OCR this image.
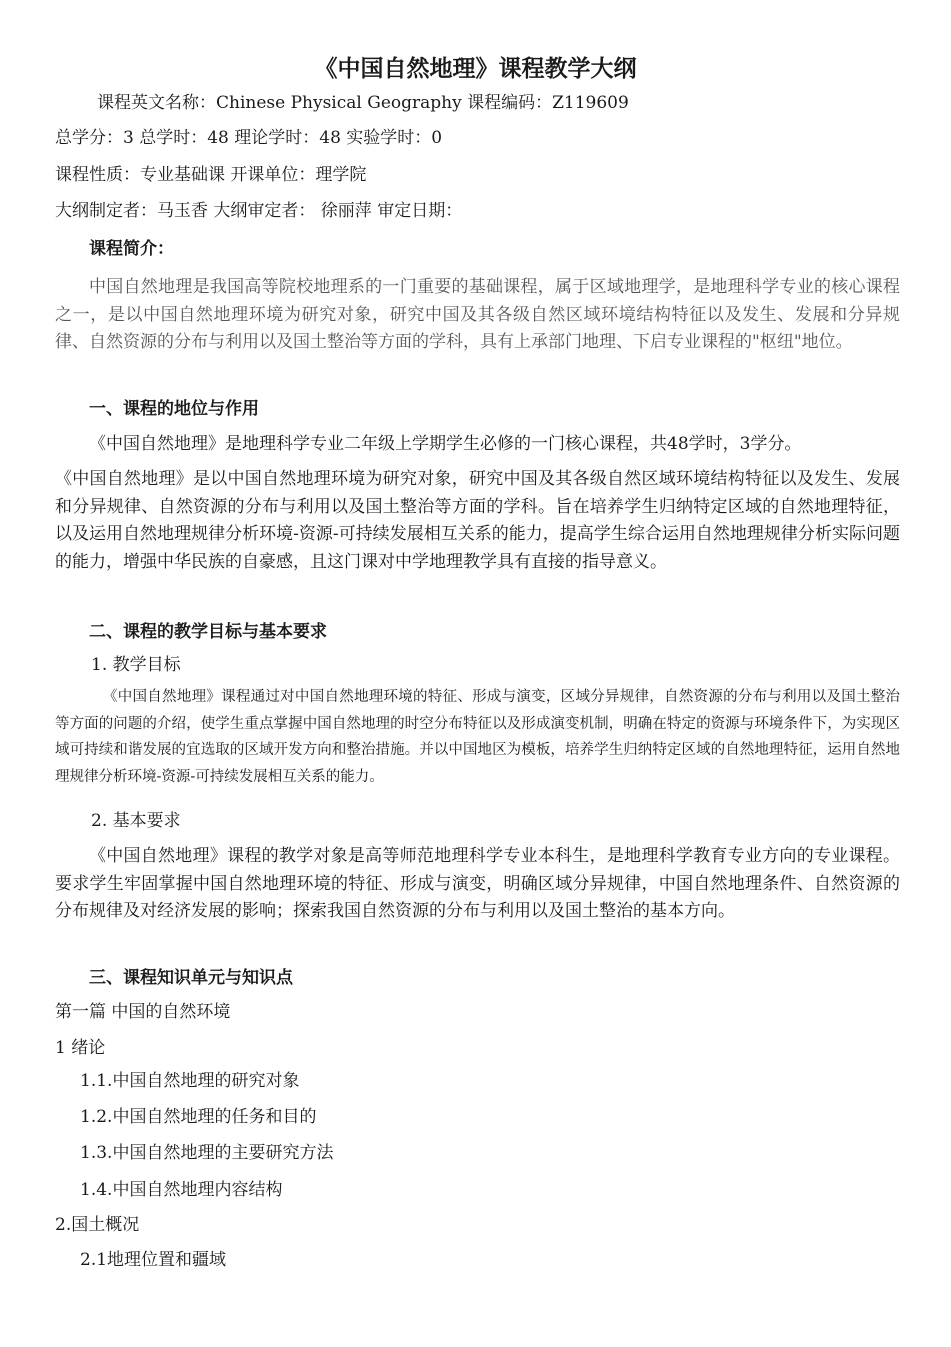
《中国自然地理》课程教学大纲
课程英文名称：Chinese Physical Geography 课程编码：Z119609
总学分：3 总学时：48 理论学时：48 实验学时：0
课程性质：专业基础课 开课单位：理学院
大纲制定者：马玉香 大纲审定者： 徐丽萍 审定日期：
课程简介：
中国自然地理是我国高等院校地理系的一门重要的基础课程，属于区域地理学，是地理科学专业的核心课程之一，是以中国自然地理环境为研究对象，研究中国及其各级自然区域环境结构特征以及发生、发展和分异规律、自然资源的分布与利用以及国土整治等方面的学科，具有上承部门地理、下启专业课程的"枢纽"地位。
一、课程的地位与作用
《中国自然地理》是地理科学专业二年级上学期学生必修的一门核心课程，共48学时，3学分。
《中国自然地理》是以中国自然地理环境为研究对象，研究中国及其各级自然区域环境结构特征以及发生、发展和分异规律、自然资源的分布与利用以及国土整治等方面的学科。旨在培养学生归纳特定区域的自然地理特征，以及运用自然地理规律分析环境-资源-可持续发展相互关系的能力，提高学生综合运用自然地理规律分析实际问题的能力，增强中华民族的自豪感，且这门课对中学地理教学具有直接的指导意义。
二、课程的教学目标与基本要求
1. 教学目标
《中国自然地理》课程通过对中国自然地理环境的特征、形成与演变，区域分异规律，自然资源的分布与利用以及国土整治等方面的问题的介绍，使学生重点掌握中国自然地理的时空分布特征以及形成演变机制，明确在特定的资源与环境条件下，为实现区域可持续和谐发展的宜选取的区域开发方向和整治措施。并以中国地区为模板，培养学生归纳特定区域的自然地理特征，运用自然地理规律分析环境-资源-可持续发展相互关系的能力。
2. 基本要求
《中国自然地理》课程的教学对象是高等师范地理科学专业本科生，是地理科学教育专业方向的专业课程。要求学生牢固掌握中国自然地理环境的特征、形成与演变，明确区域分异规律，中国自然地理条件、自然资源的分布规律及对经济发展的影响；探索我国自然资源的分布与利用以及国土整治的基本方向。
三、课程知识单元与知识点
第一篇 中国的自然环境
1 绪论
1.1.中国自然地理的研究对象
1.2.中国自然地理的任务和目的
1.3.中国自然地理的主要研究方法
1.4.中国自然地理内容结构
2.国土概况
2.1地理位置和疆域
